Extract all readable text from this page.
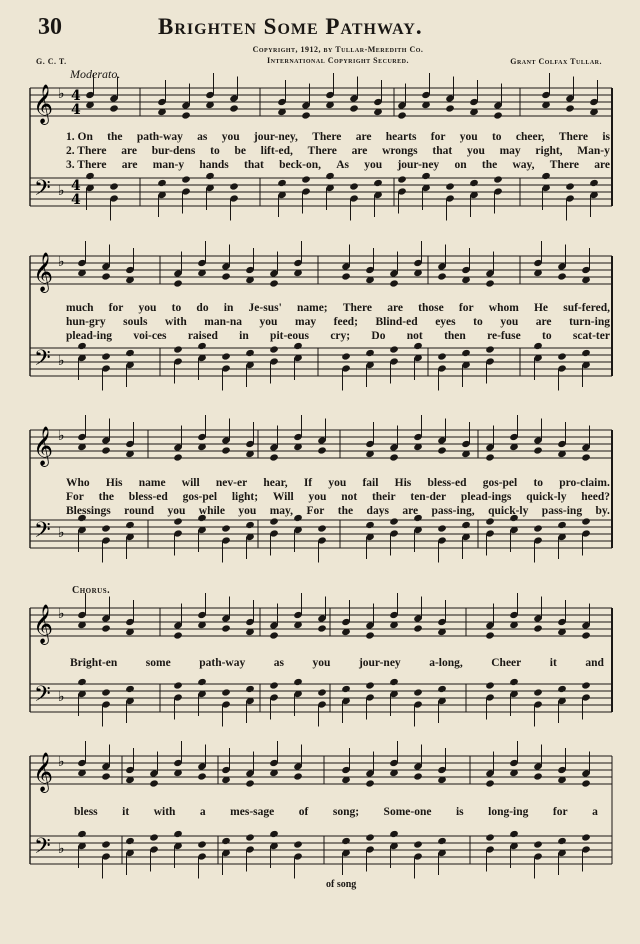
30	Brighten Some Pathway.
Copyright, 1912, by Tullar-Meredith Co.
International Copyright Secured.
G. C. T.	Grant Colfax Tullar.
Moderato.
Chorus.
𝄞
𝄢
♭
♭
𝄞
𝄢
♭
♭
𝄞
𝄢
♭
♭
𝄞
𝄢
♭
♭
𝄞
𝄢
♭
♭
4
4
4
4
1. On the path-way as you jour-ney, There are hearts for you to cheer, There is
2. There are bur-dens to be lift-ed, There are wrongs that you may right, Man-y
3. There are man-y hands that beck-on, As you jour-ney on the way, There are
much for you to do in Je-sus' name; There are those for whom He suf-fered,
hun-gry souls with man-na you may feed; Blind-ed eyes to you are turn-ing
plead-ing voi-ces raised in pit-eous cry; Do not then re-fuse to scat-ter
Who His name will nev-er hear, If you fail His bless-ed gos-pel to pro-claim.
For the bless-ed gos-pel light; Will you not their ten-der plead-ings quick-ly heed?
Blessings round you while you may, For the days are pass-ing, quick-ly pass-ing by.
Bright-en some path-way as you jour-ney a-long, Cheer it and
bless it with a mes-sage of song; Some-one is long-ing for a
of song
